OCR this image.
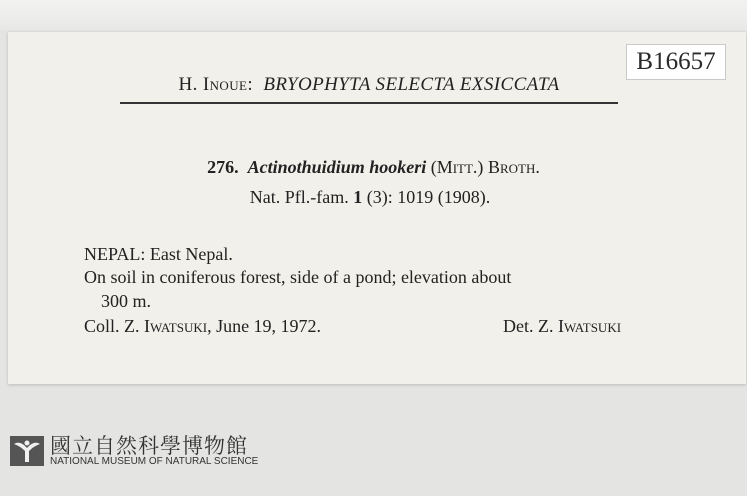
B16657
H. Inoue: BRYOPHYTA SELECTA EXSICCATA
276. Actinothuidium hookeri (Mitt.) Broth.
Nat. Pfl.-fam. 1 (3): 1019 (1908).
NEPAL: East Nepal.
On soil in coniferous forest, side of a pond; elevation about
300 m.
Coll. Z. Iwatsuki, June 19, 1972.	Det. Z. Iwatsuki
國立自然科學博物館
NATIONAL MUSEUM OF NATURAL SCIENCE
